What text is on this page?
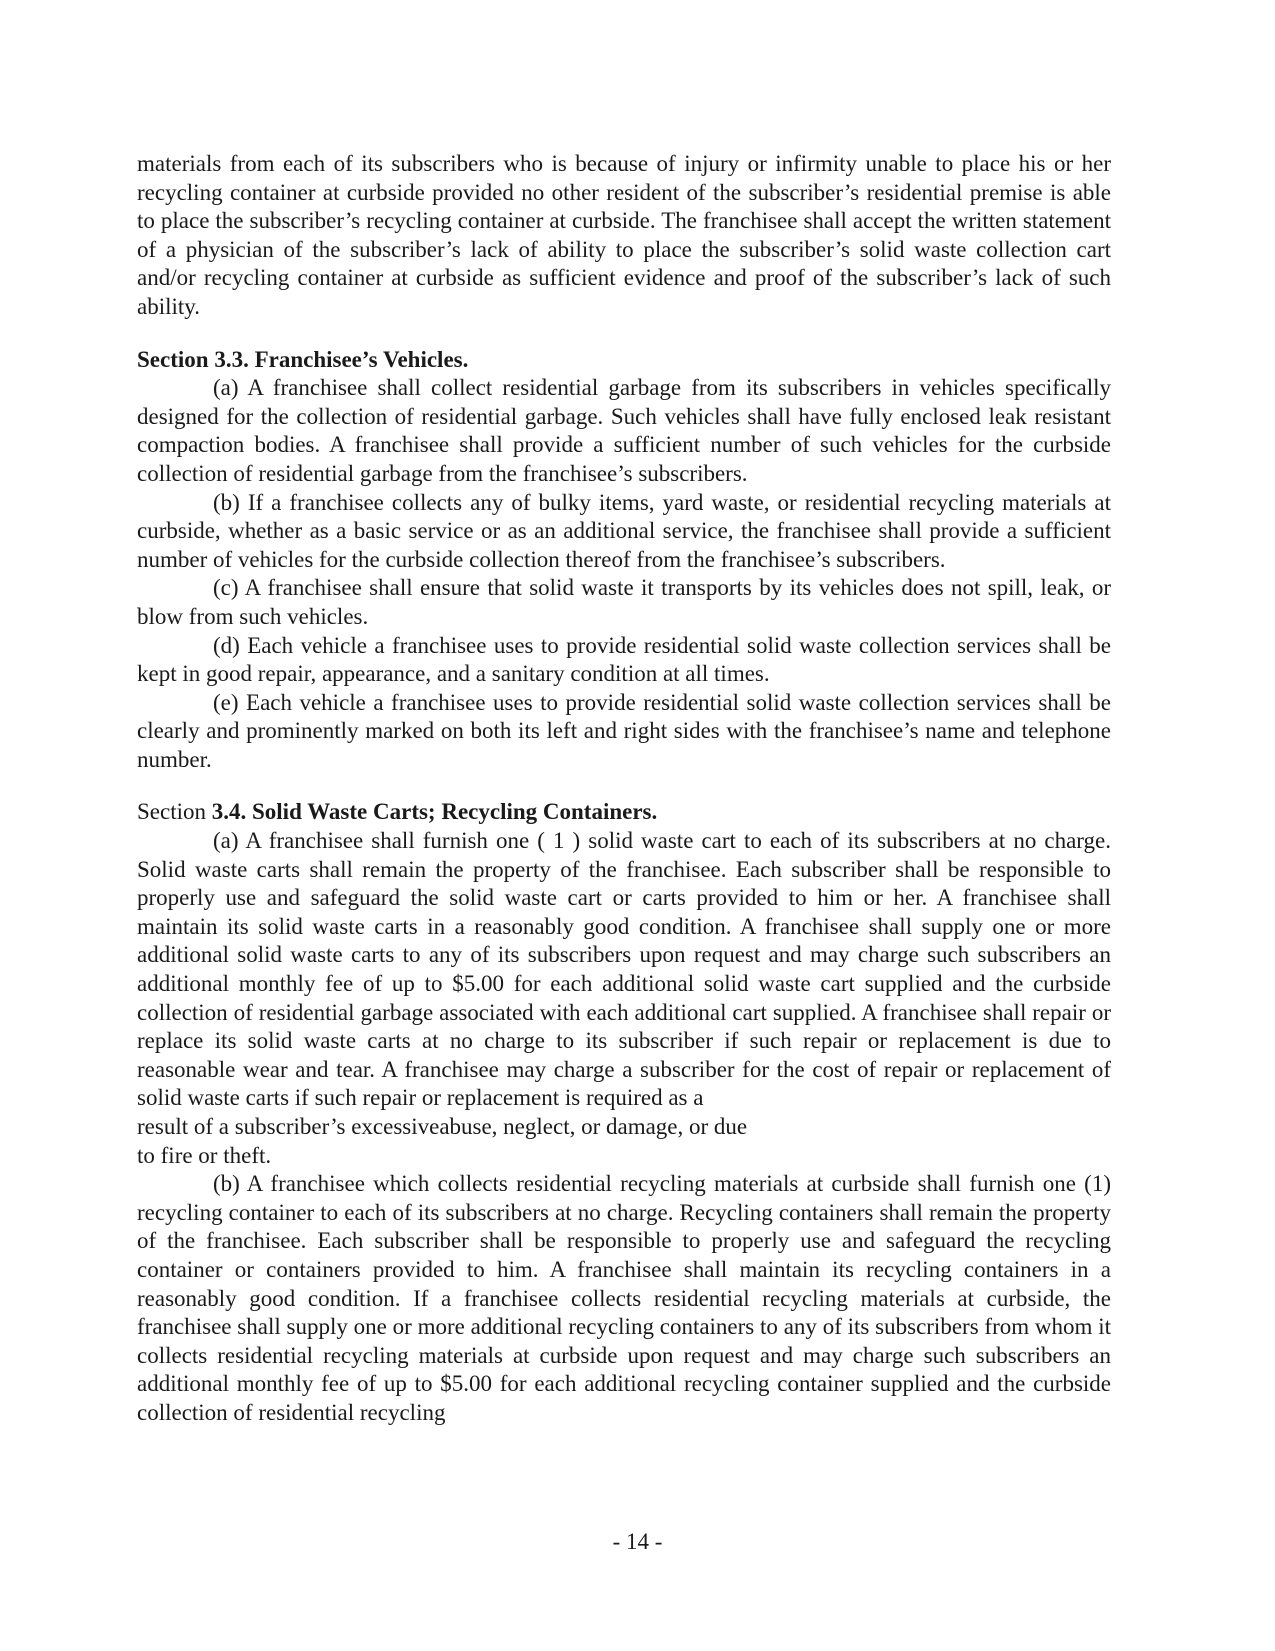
materials from each of its subscribers who is because of injury or infirmity unable to place his or her recycling container at curbside provided no other resident of the subscriber’s residential premise is able to place the subscriber’s recycling container at curbside. The franchisee shall accept the written statement of a physician of the subscriber’s lack of ability to place the subscriber’s solid waste collection cart and/or recycling container at curbside as sufficient evidence and proof of the subscriber’s lack of such ability.

Section 3.3. Franchisee’s Vehicles.

(a) A franchisee shall collect residential garbage from its subscribers in vehicles specifically designed for the collection of residential garbage. Such vehicles shall have fully enclosed leak resistant compaction bodies. A franchisee shall provide a sufficient number of such vehicles for the curbside collection of residential garbage from the franchisee’s subscribers.

(b) If a franchisee collects any of bulky items, yard waste, or residential recycling materials at curbside, whether as a basic service or as an additional service, the franchisee shall provide a sufficient number of vehicles for the curbside collection thereof from the franchisee’s subscribers.

(c) A franchisee shall ensure that solid waste it transports by its vehicles does not spill, leak, or blow from such vehicles.

(d) Each vehicle a franchisee uses to provide residential solid waste collection services shall be kept in good repair, appearance, and a sanitary condition at all times.

(e) Each vehicle a franchisee uses to provide residential solid waste collection services shall be clearly and prominently marked on both its left and right sides with the franchisee’s name and telephone number.

Section 3.4. Solid Waste Carts; Recycling Containers.

(a) A franchisee shall furnish one ( 1 ) solid waste cart to each of its subscribers at no charge. Solid waste carts shall remain the property of the franchisee. Each subscriber shall be responsible to properly use and safeguard the solid waste cart or carts provided to him or her. A franchisee shall maintain its solid waste carts in a reasonably good condition. A franchisee shall supply one or more additional solid waste carts to any of its subscribers upon request and may charge such subscribers an additional monthly fee of up to $5.00 for each additional solid waste cart supplied and the curbside collection of residential garbage associated with each additional cart supplied. A franchisee shall repair or replace its solid waste carts at no charge to its subscriber if such repair or replacement is due to reasonable wear and tear. A franchisee may charge a subscriber for the cost of repair or replacement of solid waste carts if such repair or replacement is required as a

result of a subscriber’s excessiveabuse, neglect, or damage, or due
to fire or theft.

(b) A franchisee which collects residential recycling materials at curbside shall furnish one (1) recycling container to each of its subscribers at no charge. Recycling containers shall remain the property of the franchisee. Each subscriber shall be responsible to properly use and safeguard the recycling container or containers provided to him. A franchisee shall maintain its recycling containers in a reasonably good condition. If a franchisee collects residential recycling materials at curbside, the franchisee shall supply one or more additional recycling containers to any of its subscribers from whom it collects residential recycling materials at curbside upon request and may charge such subscribers an additional monthly fee of up to $5.00 for each additional recycling container supplied and the curbside collection of residential recycling

- 14 -
